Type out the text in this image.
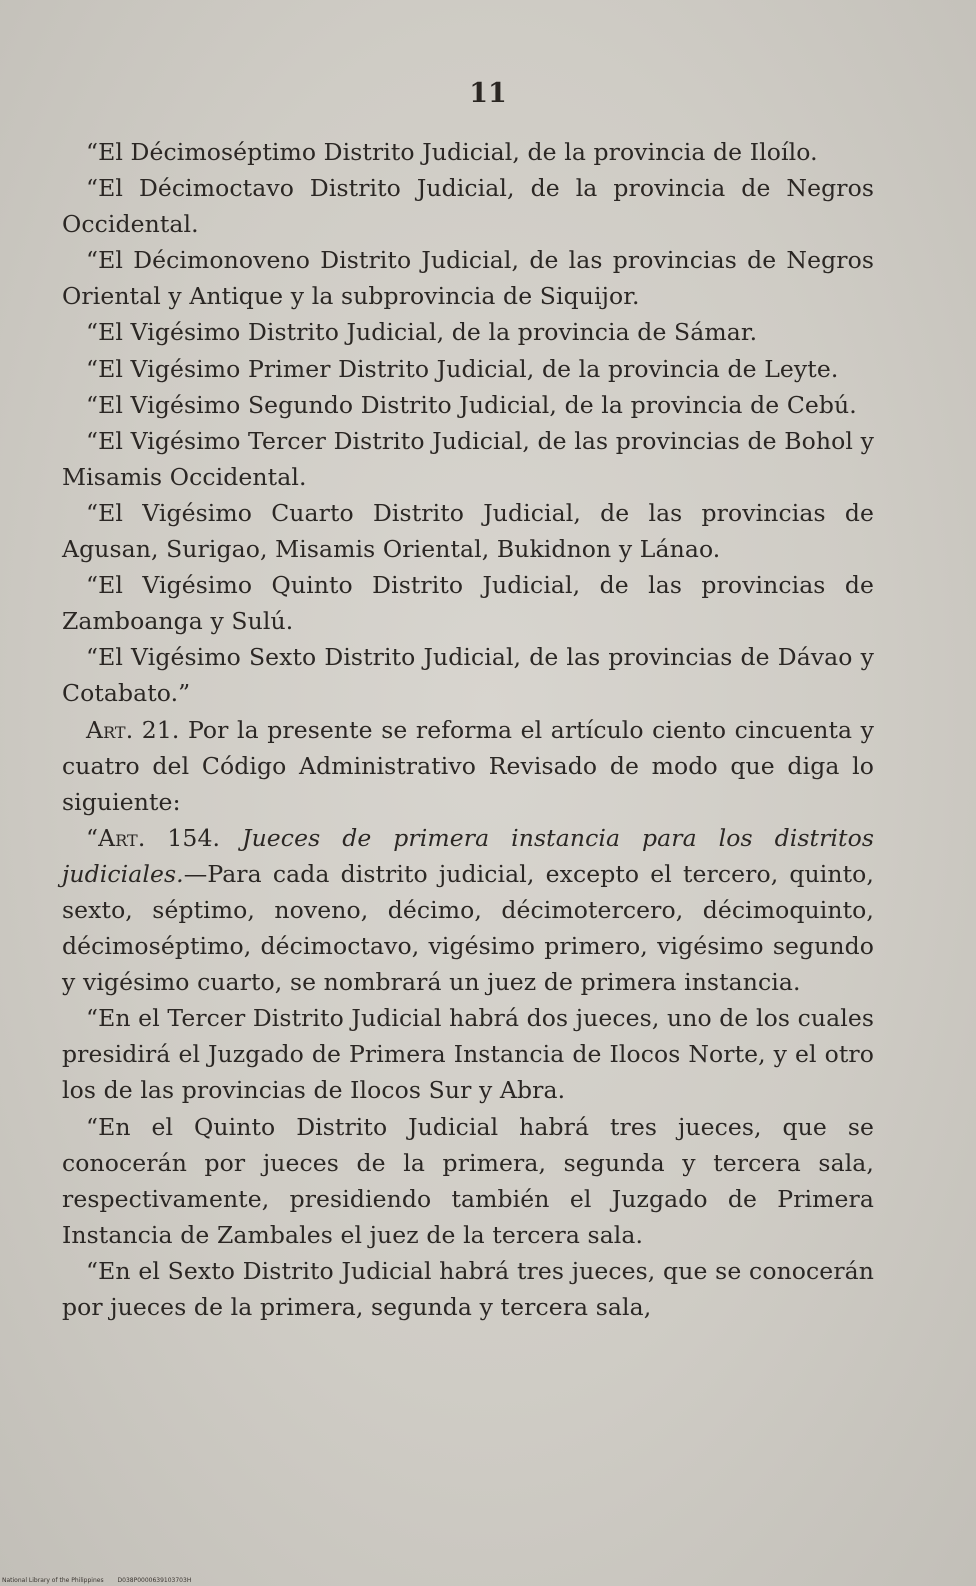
11

“El Décimoséptimo Distrito Judicial, de la provincia de Iloílo.

“El Décimoctavo Distrito Judicial, de la provincia de Negros Occidental.

“El Décimonoveno Distrito Judicial, de las provincias de Negros Oriental y Antique y la subprovincia de Siquijor.

“El Vigésimo Distrito Judicial, de la provincia de Sámar.

“El Vigésimo Primer Distrito Judicial, de la provincia de Leyte.

“El Vigésimo Segundo Distrito Judicial, de la provincia de Cebú.

“El Vigésimo Tercer Distrito Judicial, de las provincias de Bohol y Misamis Occidental.

“El Vigésimo Cuarto Distrito Judicial, de las provincias de Agusan, Surigao, Misamis Oriental, Bukidnon y Lánao.

“El Vigésimo Quinto Distrito Judicial, de las provincias de Zamboanga y Sulú.

“El Vigésimo Sexto Distrito Judicial, de las provincias de Dávao y Cotabato.”

Art. 21. Por la presente se reforma el artículo ciento cincuenta y cuatro del Código Administrativo Revisado de modo que diga lo siguiente:

“Art. 154. Jueces de primera instancia para los distritos judiciales.—Para cada distrito judicial, excepto el tercero, quinto, sexto, séptimo, noveno, décimo, décimotercero, décimoquinto, décimoséptimo, décimoctavo, vigésimo primero, vigésimo segundo y vigésimo cuarto, se nombrará un juez de primera instancia.

“En el Tercer Distrito Judicial habrá dos jueces, uno de los cuales presidirá el Juzgado de Primera Instancia de Ilocos Norte, y el otro los de las provincias de Ilocos Sur y Abra.

“En el Quinto Distrito Judicial habrá tres jueces, que se conocerán por jueces de la primera, segunda y tercera sala, respectivamente, presidiendo también el Juzgado de Primera Instancia de Zambales el juez de la tercera sala.

“En el Sexto Distrito Judicial habrá tres jueces, que se conocerán por jueces de la primera, segunda y tercera sala,

National Library of the Philippines D038P0000639103703H
